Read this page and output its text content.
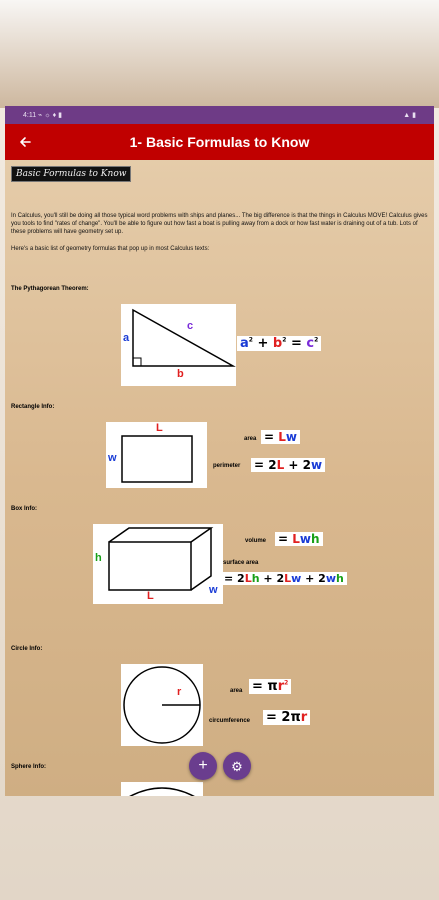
4:11 ⌁ ☼ ♦ ▮	▲ ▮
1- Basic Formulas to Know
Basic Formulas to Know

In Calculus, you'll still be doing all those typical word problems with ships and planes... The big difference is that the things in Calculus MOVE! Calculus gives you tools to find "rates of change". You'll be able to figure out how fast a boat is pulling away from a dock or how fast water is draining out of a tub. Lots of these problems will have geometry set up.

Here's a basic list of geometry formulas that pop up in most Calculus texts:

The Pythagorean Theorem:
a
b
c
$a^2 + b^2 = c^2$
Rectangle Info:
L
w
area = Lw
perimeter = 2L + 2w
Box Info:
h
L	w
volume = Lwh
surface area
= 2Lh + 2Lw + 2wh
Circle Info:
r	area = $\pi r^2$
circumference = 2πr
Sphere Info:	+ ⚙
